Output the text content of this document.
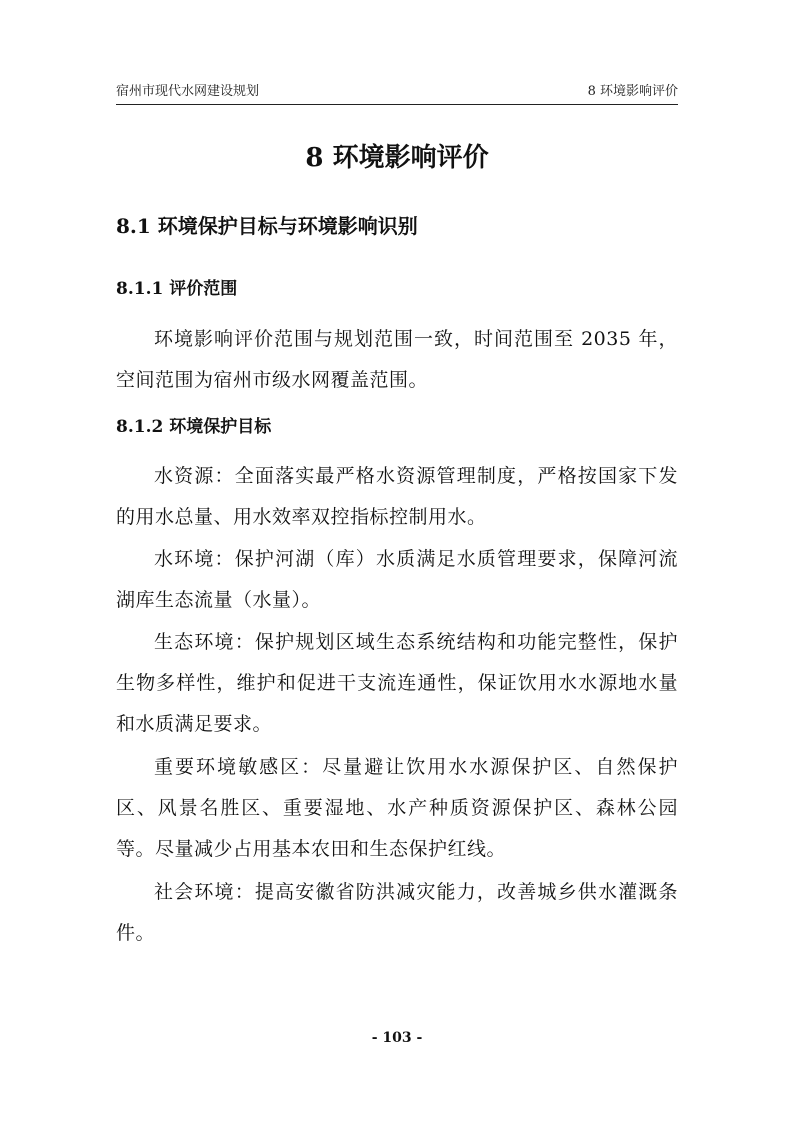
宿州市现代水网建设规划	8 环境影响评价
8 环境影响评价
8.1 环境保护目标与环境影响识别
8.1.1 评价范围

环境影响评价范围与规划范围一致，时间范围至 2035 年，空间范围为宿州市级水网覆盖范围。

8.1.2 环境保护目标

水资源：全面落实最严格水资源管理制度，严格按国家下发的用水总量、用水效率双控指标控制用水。

水环境：保护河湖（库）水质满足水质管理要求，保障河流湖库生态流量（水量）。

生态环境：保护规划区域生态系统结构和功能完整性，保护生物多样性，维护和促进干支流连通性，保证饮用水水源地水量和水质满足要求。

重要环境敏感区：尽量避让饮用水水源保护区、自然保护区、风景名胜区、重要湿地、水产种质资源保护区、森林公园等。尽量减少占用基本农田和生态保护红线。

社会环境：提高安徽省防洪减灾能力，改善城乡供水灌溉条件。

- 103 -
